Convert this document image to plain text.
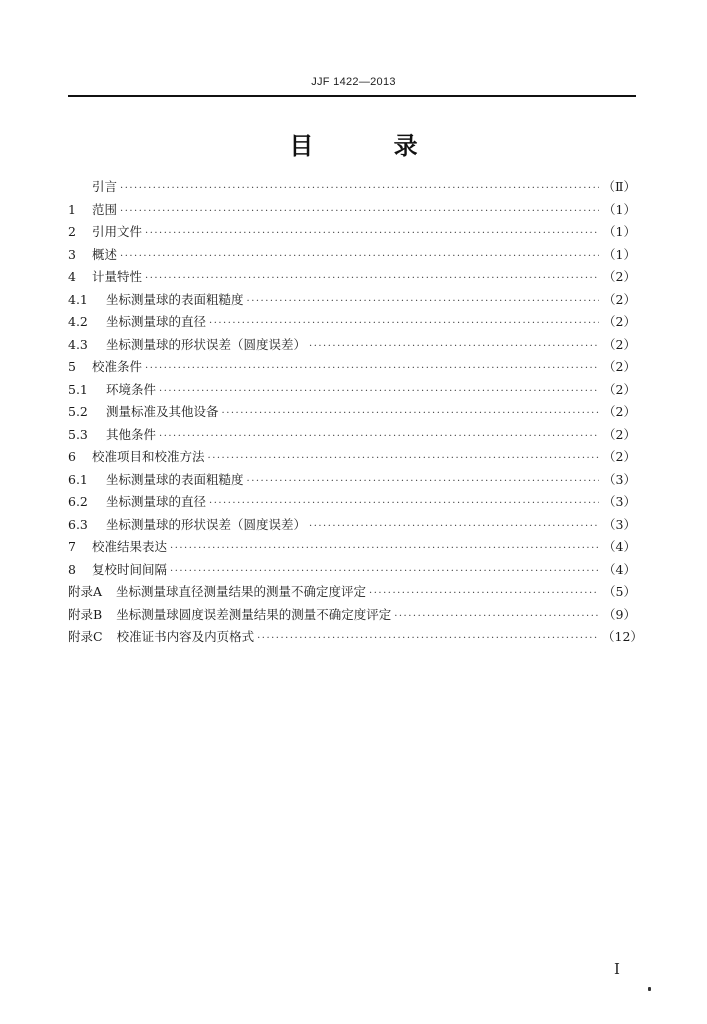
JJF 1422—2013
目 录
引言 ·····	（Ⅱ）
1	范围 ·····	（1）
2	引用文件 ·····	（1）
3	概述 ·····	（1）
4	计量特性 ·····	（2）
4.1	坐标测量球的表面粗糙度 ·····	（2）
4.2	坐标测量球的直径 ·····	（2）
4.3	坐标测量球的形状误差（圆度误差） ·····	（2）
5	校准条件 ·····	（2）
5.1	环境条件 ·····	（2）
5.2	测量标准及其他设备 ·····	（2）
5.3	其他条件 ·····	（2）
6	校准项目和校准方法 ·····	（2）
6.1	坐标测量球的表面粗糙度 ·····	（3）
6.2	坐标测量球的直径 ·····	（3）
6.3	坐标测量球的形状误差（圆度误差） ·····	（3）
7	校准结果表达 ·····	（4）
8	复校时间间隔 ·····	（4）
附录A 坐标测量球直径测量结果的测量不确定度评定 ·····	（5）
附录B 坐标测量球圆度误差测量结果的测量不确定度评定 ·····	（9）
附录C 校准证书内容及内页格式 ·····	（12）
Ⅰ
